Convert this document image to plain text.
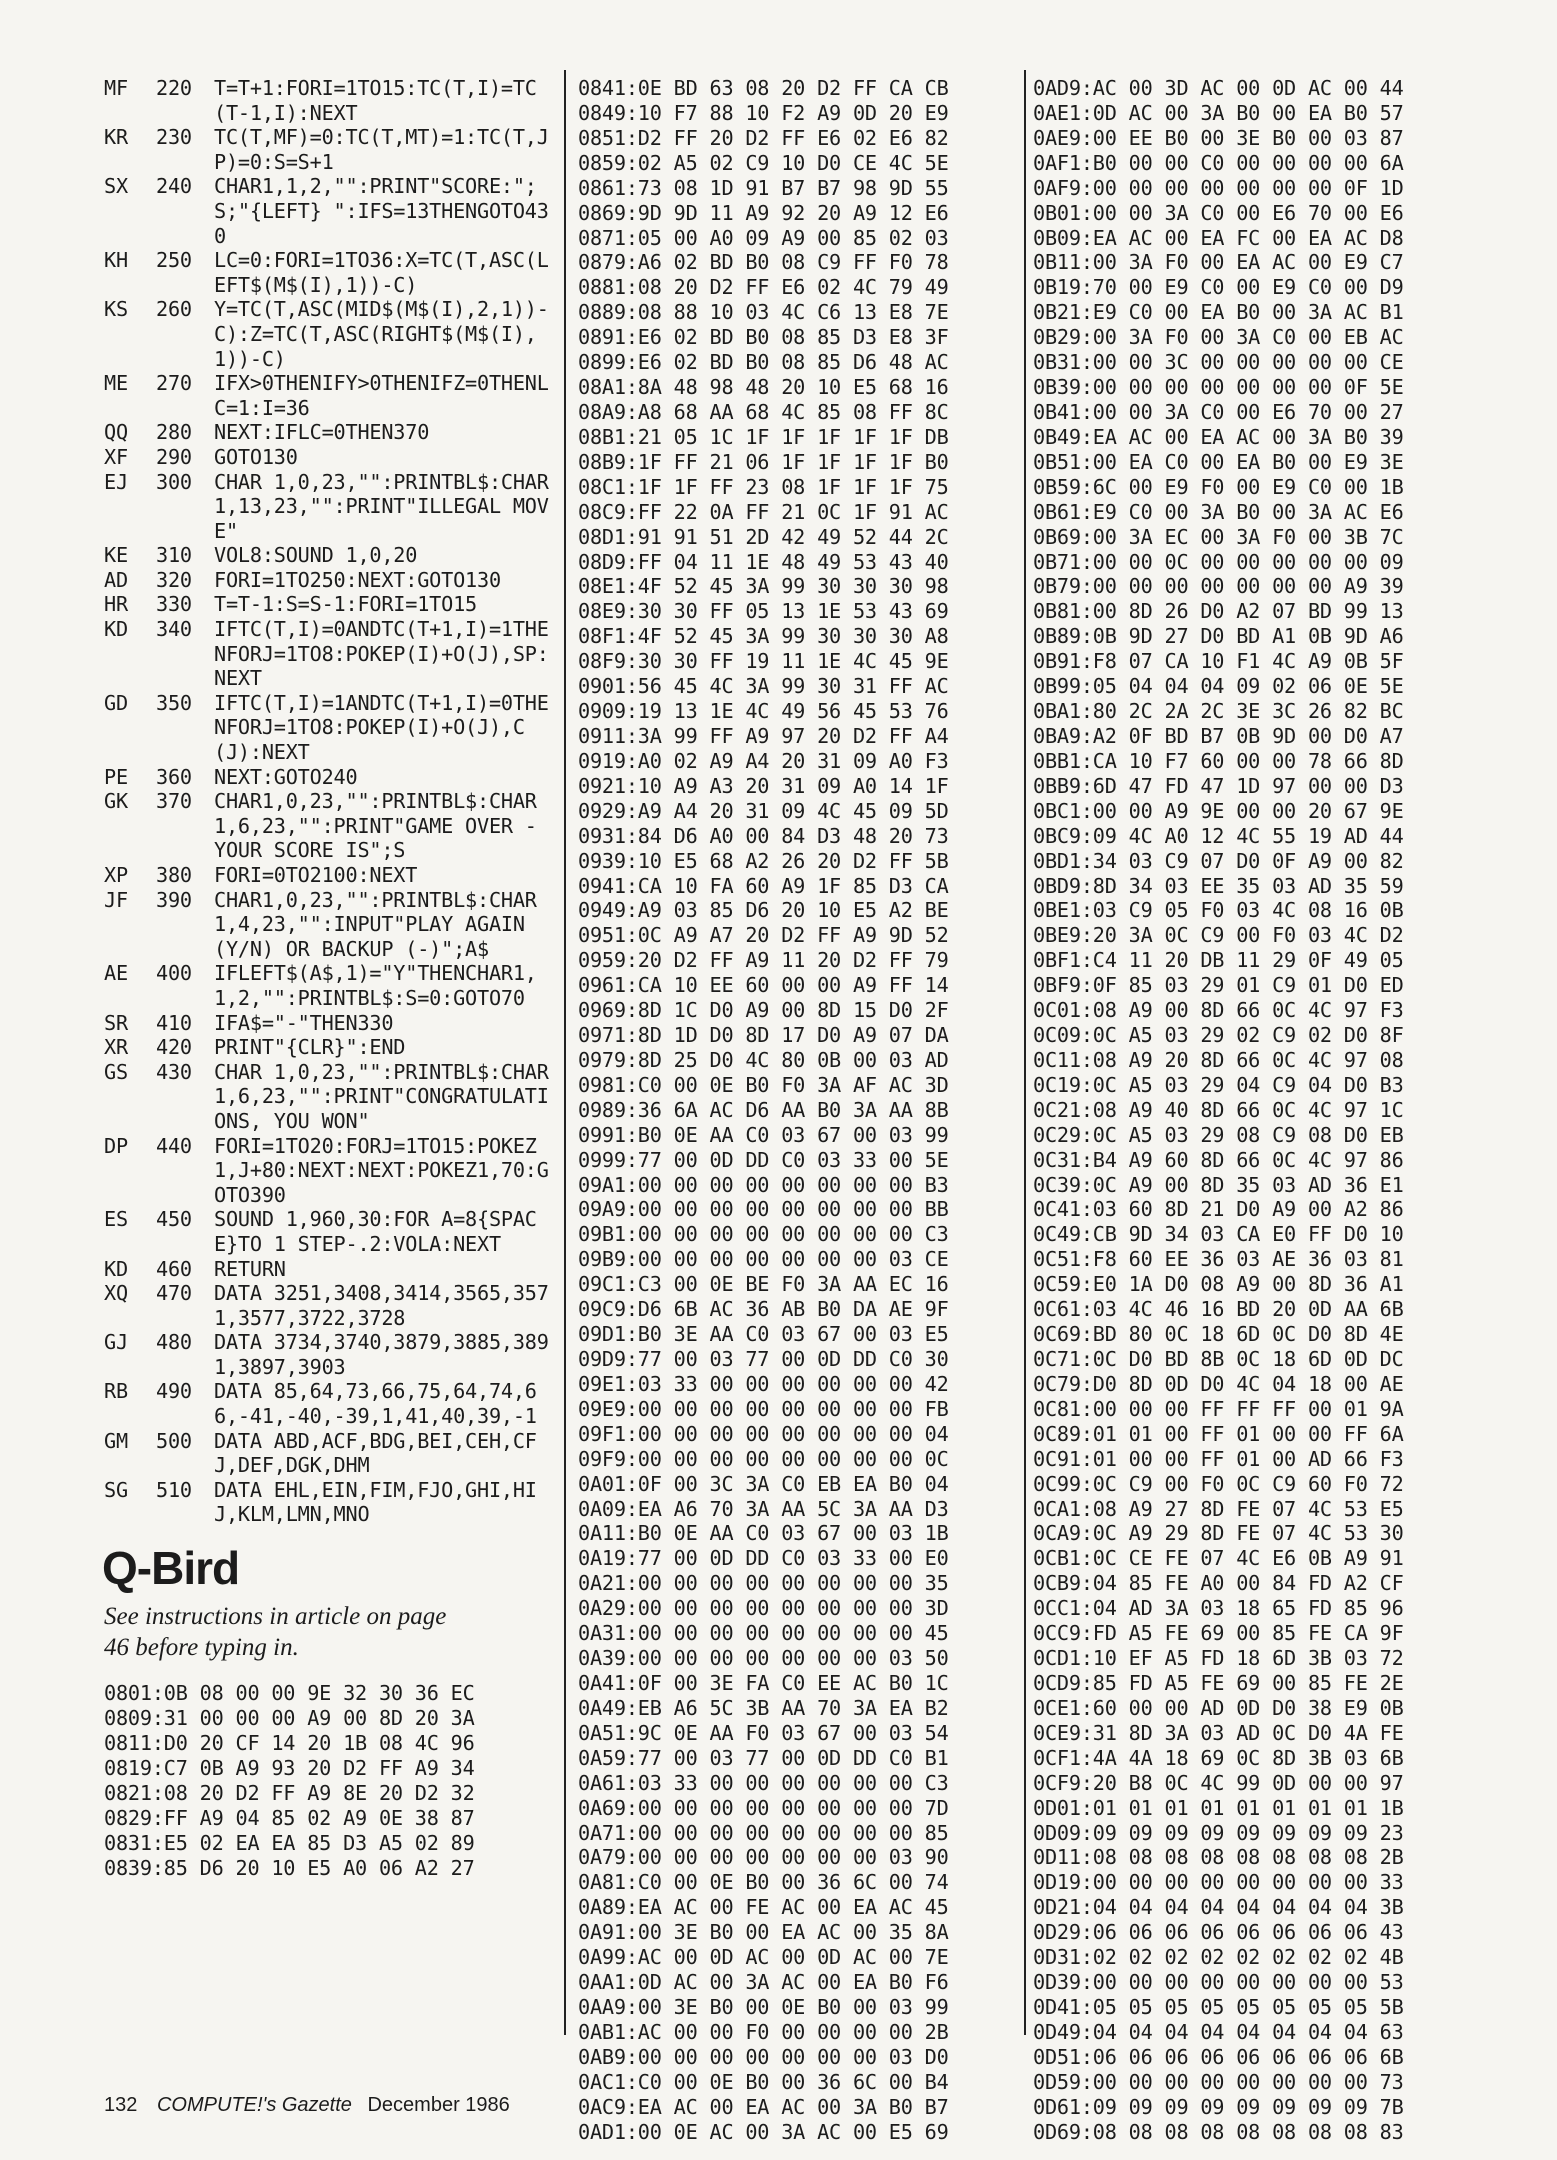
MF	220	T=T+1:FORI=1TO15:TC(T,I)=TC(T-1,I):NEXT
KR	230	TC(T,MF)=0:TC(T,MT)=1:TC(T,JP)=0:S=S+1
SX	240	CHAR1,1,2,"":PRINT"SCORE:";S;"{LEFT} ":IFS=13THENGOTO430
KH	250	LC=0:FORI=1TO36:X=TC(T,ASC(LEFT$(M$(I),1))-C)
KS	260	Y=TC(T,ASC(MID$(M$(I),2,1))-C):Z=TC(T,ASC(RIGHT$(M$(I),1))-C)
ME	270	IFX>0THENIFY>0THENIFZ=0THENLC=1:I=36
QQ	280	NEXT:IFLC=0THEN370
XF	290	GOTO130
EJ	300	CHAR 1,0,23,"":PRINTBL$:CHAR1,13,23,"":PRINT"ILLEGAL MOVE"
KE	310	VOL8:SOUND 1,0,20
AD	320	FORI=1TO250:NEXT:GOTO130
HR	330	T=T-1:S=S-1:FORI=1TO15
KD	340	IFTC(T,I)=0ANDTC(T+1,I)=1THENFORJ=1TO8:POKEP(I)+O(J),SP:NEXT
GD	350	IFTC(T,I)=1ANDTC(T+1,I)=0THENFORJ=1TO8:POKEP(I)+O(J),C(J):NEXT
PE	360	NEXT:GOTO240
GK	370	CHAR1,0,23,"":PRINTBL$:CHAR 1,6,23,"":PRINT"GAME OVER - YOUR SCORE IS";S
XP	380	FORI=0TO2100:NEXT
JF	390	CHAR1,0,23,"":PRINTBL$:CHAR1,4,23,"":INPUT"PLAY AGAIN (Y/N) OR BACKUP (-)";A$
AE	400	IFLEFT$(A$,1)="Y"THENCHAR1,1,2,"":PRINTBL$:S=0:GOTO70
SR	410	IFA$="-"THEN330
XR	420	PRINT"{CLR}":END
GS	430	CHAR 1,0,23,"":PRINTBL$:CHAR 1,6,23,"":PRINT"CONGRATULATIONS, YOU WON"
DP	440	FORI=1TO20:FORJ=1TO15:POKEZ1,J+80:NEXT:NEXT:POKEZ1,70:GOTO390
ES	450	SOUND 1,960,30:FOR A=8{SPACE}TO 1 STEP-.2:VOLA:NEXT
KD	460	RETURN
XQ	470	DATA 3251,3408,3414,3565,3571,3577,3722,3728
GJ	480	DATA 3734,3740,3879,3885,3891,3897,3903
RB	490	DATA 85,64,73,66,75,64,74,66,-41,-40,-39,1,41,40,39,-1
GM	500	DATA ABD,ACF,BDG,BEI,CEH,CFJ,DEF,DGK,DHM
SG	510	DATA EHL,EIN,FIM,FJO,GHI,HIJ,KLM,LMN,MNO
Q-Bird
See instructions in article on page
46 before typing in.
0801:0B 08 00 00 9E 32 30 36 EC
0809:31 00 00 00 A9 00 8D 20 3A
0811:D0 20 CF 14 20 1B 08 4C 96
0819:C7 0B A9 93 20 D2 FF A9 34
0821:08 20 D2 FF A9 8E 20 D2 32
0829:FF A9 04 85 02 A9 0E 38 87
0831:E5 02 EA EA 85 D3 A5 02 89
0839:85 D6 20 10 E5 A0 06 A2 27
0841:0E BD 63 08 20 D2 FF CA CB
0849:10 F7 88 10 F2 A9 0D 20 E9
0851:D2 FF 20 D2 FF E6 02 E6 82
0859:02 A5 02 C9 10 D0 CE 4C 5E
0861:73 08 1D 91 B7 B7 98 9D 55
0869:9D 9D 11 A9 92 20 A9 12 E6
0871:05 00 A0 09 A9 00 85 02 03
0879:A6 02 BD B0 08 C9 FF F0 78
0881:08 20 D2 FF E6 02 4C 79 49
0889:08 88 10 03 4C C6 13 E8 7E
0891:E6 02 BD B0 08 85 D3 E8 3F
0899:E6 02 BD B0 08 85 D6 48 AC
08A1:8A 48 98 48 20 10 E5 68 16
08A9:A8 68 AA 68 4C 85 08 FF 8C
08B1:21 05 1C 1F 1F 1F 1F 1F DB
08B9:1F FF 21 06 1F 1F 1F 1F B0
08C1:1F 1F FF 23 08 1F 1F 1F 75
08C9:FF 22 0A FF 21 0C 1F 91 AC
08D1:91 91 51 2D 42 49 52 44 2C
08D9:FF 04 11 1E 48 49 53 43 40
08E1:4F 52 45 3A 99 30 30 30 98
08E9:30 30 FF 05 13 1E 53 43 69
08F1:4F 52 45 3A 99 30 30 30 A8
08F9:30 30 FF 19 11 1E 4C 45 9E
0901:56 45 4C 3A 99 30 31 FF AC
0909:19 13 1E 4C 49 56 45 53 76
0911:3A 99 FF A9 97 20 D2 FF A4
0919:A0 02 A9 A4 20 31 09 A0 F3
0921:10 A9 A3 20 31 09 A0 14 1F
0929:A9 A4 20 31 09 4C 45 09 5D
0931:84 D6 A0 00 84 D3 48 20 73
0939:10 E5 68 A2 26 20 D2 FF 5B
0941:CA 10 FA 60 A9 1F 85 D3 CA
0949:A9 03 85 D6 20 10 E5 A2 BE
0951:0C A9 A7 20 D2 FF A9 9D 52
0959:20 D2 FF A9 11 20 D2 FF 79
0961:CA 10 EE 60 00 00 A9 FF 14
0969:8D 1C D0 A9 00 8D 15 D0 2F
0971:8D 1D D0 8D 17 D0 A9 07 DA
0979:8D 25 D0 4C 80 0B 00 03 AD
0981:C0 00 0E B0 F0 3A AF AC 3D
0989:36 6A AC D6 AA B0 3A AA 8B
0991:B0 0E AA C0 03 67 00 03 99
0999:77 00 0D DD C0 03 33 00 5E
09A1:00 00 00 00 00 00 00 00 B3
09A9:00 00 00 00 00 00 00 00 BB
09B1:00 00 00 00 00 00 00 00 C3
09B9:00 00 00 00 00 00 00 03 CE
09C1:C3 00 0E BE F0 3A AA EC 16
09C9:D6 6B AC 36 AB B0 DA AE 9F
09D1:B0 3E AA C0 03 67 00 03 E5
09D9:77 00 03 77 00 0D DD C0 30
09E1:03 33 00 00 00 00 00 00 42
09E9:00 00 00 00 00 00 00 00 FB
09F1:00 00 00 00 00 00 00 00 04
09F9:00 00 00 00 00 00 00 00 0C
0A01:0F 00 3C 3A C0 EB EA B0 04
0A09:EA A6 70 3A AA 5C 3A AA D3
0A11:B0 0E AA C0 03 67 00 03 1B
0A19:77 00 0D DD C0 03 33 00 E0
0A21:00 00 00 00 00 00 00 00 35
0A29:00 00 00 00 00 00 00 00 3D
0A31:00 00 00 00 00 00 00 00 45
0A39:00 00 00 00 00 00 00 03 50
0A41:0F 00 3E FA C0 EE AC B0 1C
0A49:EB A6 5C 3B AA 70 3A EA B2
0A51:9C 0E AA F0 03 67 00 03 54
0A59:77 00 03 77 00 0D DD C0 B1
0A61:03 33 00 00 00 00 00 00 C3
0A69:00 00 00 00 00 00 00 00 7D
0A71:00 00 00 00 00 00 00 00 85
0A79:00 00 00 00 00 00 00 03 90
0A81:C0 00 0E B0 00 36 6C 00 74
0A89:EA AC 00 FE AC 00 EA AC 45
0A91:00 3E B0 00 EA AC 00 35 8A
0A99:AC 00 0D AC 00 0D AC 00 7E
0AA1:0D AC 00 3A AC 00 EA B0 F6
0AA9:00 3E B0 00 0E B0 00 03 99
0AB1:AC 00 00 F0 00 00 00 00 2B
0AB9:00 00 00 00 00 00 00 03 D0
0AC1:C0 00 0E B0 00 36 6C 00 B4
0AC9:EA AC 00 EA AC 00 3A B0 B7
0AD1:00 0E AC 00 3A AC 00 E5 69
0AD9:AC 00 3D AC 00 0D AC 00 44
0AE1:0D AC 00 3A B0 00 EA B0 57
0AE9:00 EE B0 00 3E B0 00 03 87
0AF1:B0 00 00 C0 00 00 00 00 6A
0AF9:00 00 00 00 00 00 00 0F 1D
0B01:00 00 3A C0 00 E6 70 00 E6
0B09:EA AC 00 EA FC 00 EA AC D8
0B11:00 3A F0 00 EA AC 00 E9 C7
0B19:70 00 E9 C0 00 E9 C0 00 D9
0B21:E9 C0 00 EA B0 00 3A AC B1
0B29:00 3A F0 00 3A C0 00 EB AC
0B31:00 00 3C 00 00 00 00 00 CE
0B39:00 00 00 00 00 00 00 0F 5E
0B41:00 00 3A C0 00 E6 70 00 27
0B49:EA AC 00 EA AC 00 3A B0 39
0B51:00 EA C0 00 EA B0 00 E9 3E
0B59:6C 00 E9 F0 00 E9 C0 00 1B
0B61:E9 C0 00 3A B0 00 3A AC E6
0B69:00 3A EC 00 3A F0 00 3B 7C
0B71:00 00 0C 00 00 00 00 00 09
0B79:00 00 00 00 00 00 00 A9 39
0B81:00 8D 26 D0 A2 07 BD 99 13
0B89:0B 9D 27 D0 BD A1 0B 9D A6
0B91:F8 07 CA 10 F1 4C A9 0B 5F
0B99:05 04 04 04 09 02 06 0E 5E
0BA1:80 2C 2A 2C 3E 3C 26 82 BC
0BA9:A2 0F BD B7 0B 9D 00 D0 A7
0BB1:CA 10 F7 60 00 00 78 66 8D
0BB9:6D 47 FD 47 1D 97 00 00 D3
0BC1:00 00 A9 9E 00 00 20 67 9E
0BC9:09 4C A0 12 4C 55 19 AD 44
0BD1:34 03 C9 07 D0 0F A9 00 82
0BD9:8D 34 03 EE 35 03 AD 35 59
0BE1:03 C9 05 F0 03 4C 08 16 0B
0BE9:20 3A 0C C9 00 F0 03 4C D2
0BF1:C4 11 20 DB 11 29 0F 49 05
0BF9:0F 85 03 29 01 C9 01 D0 ED
0C01:08 A9 00 8D 66 0C 4C 97 F3
0C09:0C A5 03 29 02 C9 02 D0 8F
0C11:08 A9 20 8D 66 0C 4C 97 08
0C19:0C A5 03 29 04 C9 04 D0 B3
0C21:08 A9 40 8D 66 0C 4C 97 1C
0C29:0C A5 03 29 08 C9 08 D0 EB
0C31:B4 A9 60 8D 66 0C 4C 97 86
0C39:0C A9 00 8D 35 03 AD 36 E1
0C41:03 60 8D 21 D0 A9 00 A2 86
0C49:CB 9D 34 03 CA E0 FF D0 10
0C51:F8 60 EE 36 03 AE 36 03 81
0C59:E0 1A D0 08 A9 00 8D 36 A1
0C61:03 4C 46 16 BD 20 0D AA 6B
0C69:BD 80 0C 18 6D 0C D0 8D 4E
0C71:0C D0 BD 8B 0C 18 6D 0D DC
0C79:D0 8D 0D D0 4C 04 18 00 AE
0C81:00 00 00 FF FF FF 00 01 9A
0C89:01 01 00 FF 01 00 00 FF 6A
0C91:01 00 00 FF 01 00 AD 66 F3
0C99:0C C9 00 F0 0C C9 60 F0 72
0CA1:08 A9 27 8D FE 07 4C 53 E5
0CA9:0C A9 29 8D FE 07 4C 53 30
0CB1:0C CE FE 07 4C E6 0B A9 91
0CB9:04 85 FE A0 00 84 FD A2 CF
0CC1:04 AD 3A 03 18 65 FD 85 96
0CC9:FD A5 FE 69 00 85 FE CA 9F
0CD1:10 EF A5 FD 18 6D 3B 03 72
0CD9:85 FD A5 FE 69 00 85 FE 2E
0CE1:60 00 00 AD 0D D0 38 E9 0B
0CE9:31 8D 3A 03 AD 0C D0 4A FE
0CF1:4A 4A 18 69 0C 8D 3B 03 6B
0CF9:20 B8 0C 4C 99 0D 00 00 97
0D01:01 01 01 01 01 01 01 01 1B
0D09:09 09 09 09 09 09 09 09 23
0D11:08 08 08 08 08 08 08 08 2B
0D19:00 00 00 00 00 00 00 00 33
0D21:04 04 04 04 04 04 04 04 3B
0D29:06 06 06 06 06 06 06 06 43
0D31:02 02 02 02 02 02 02 02 4B
0D39:00 00 00 00 00 00 00 00 53
0D41:05 05 05 05 05 05 05 05 5B
0D49:04 04 04 04 04 04 04 04 63
0D51:06 06 06 06 06 06 06 06 6B
0D59:00 00 00 00 00 00 00 00 73
0D61:09 09 09 09 09 09 09 09 7B
0D69:08 08 08 08 08 08 08 08 83
132 COMPUTE!'s Gazette December 1986
